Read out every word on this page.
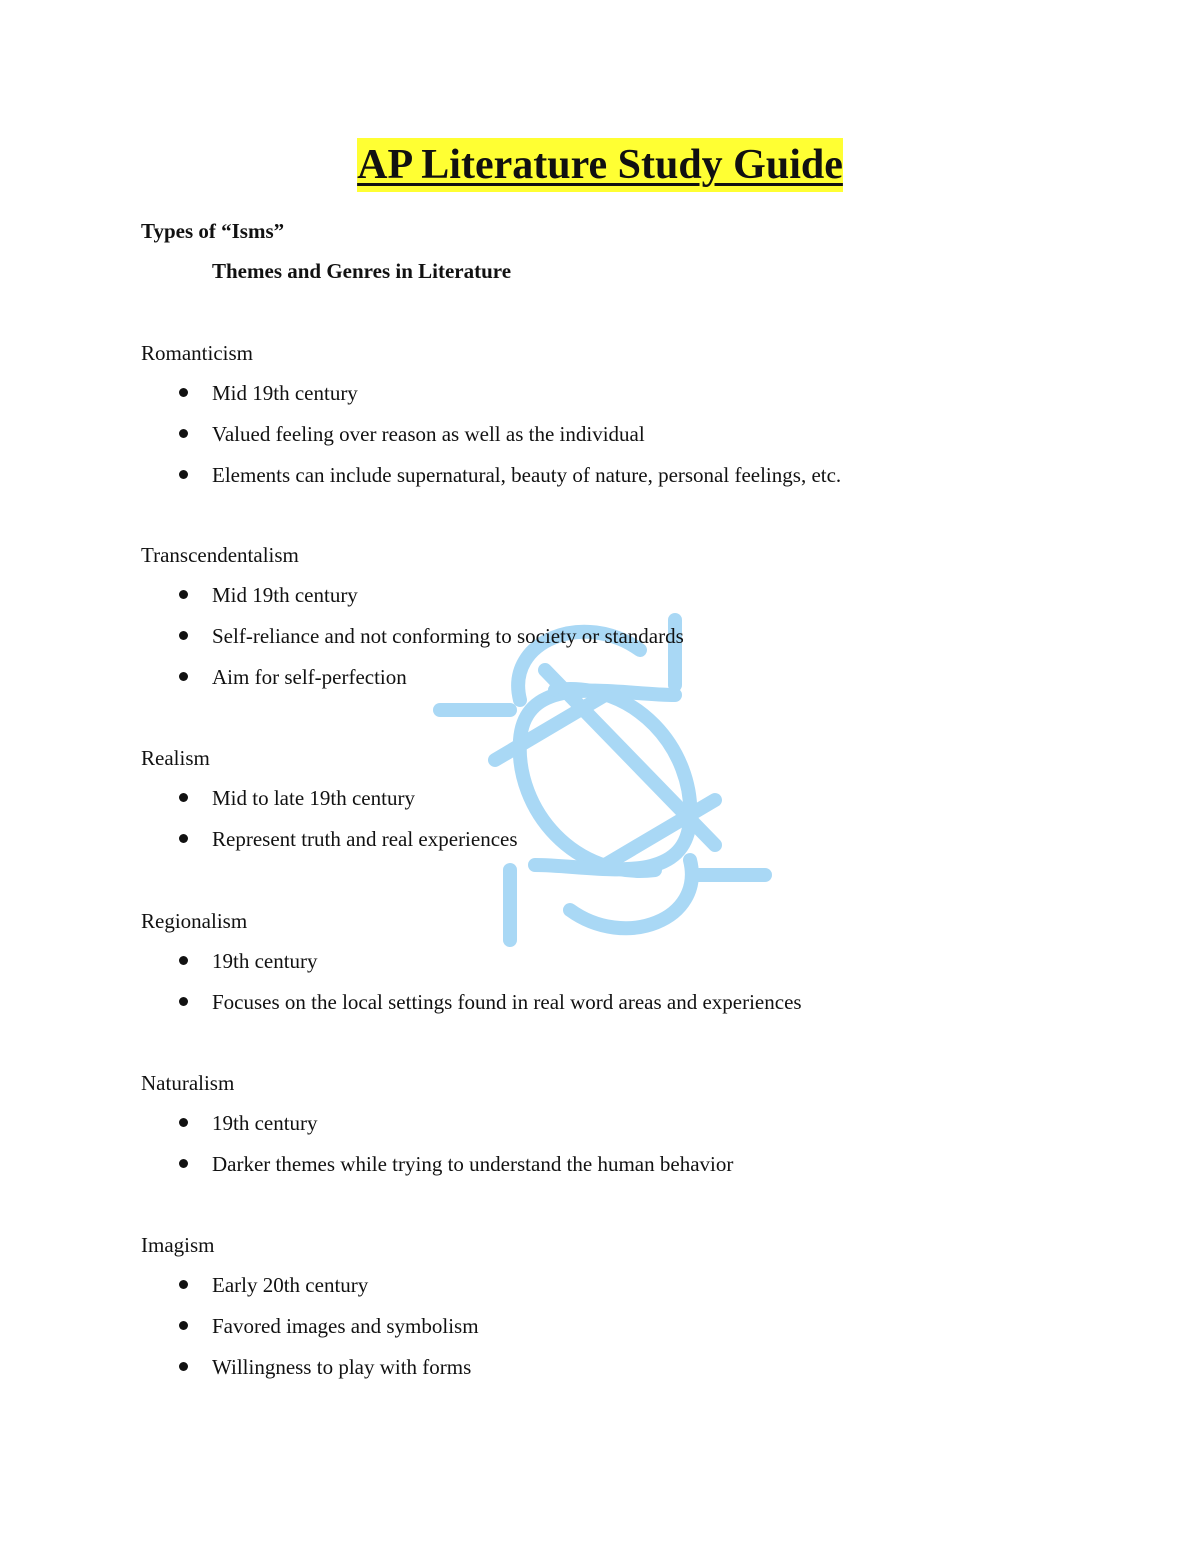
AP Literature Study Guide
Types of “Isms”
Themes and Genres in Literature

Romanticism

Mid 19th century
Valued feeling over reason as well as the individual
Elements can include supernatural, beauty of nature, personal feelings, etc.

Transcendentalism

Mid 19th century
Self-reliance and not conforming to society or standards
Aim for self-perfection

Realism

Mid to late 19th century
Represent truth and real experiences

Regionalism

19th century
Focuses on the local settings found in real word areas and experiences

Naturalism

19th century
Darker themes while trying to understand the human behavior

Imagism

Early 20th century
Favored images and symbolism
Willingness to play with forms
